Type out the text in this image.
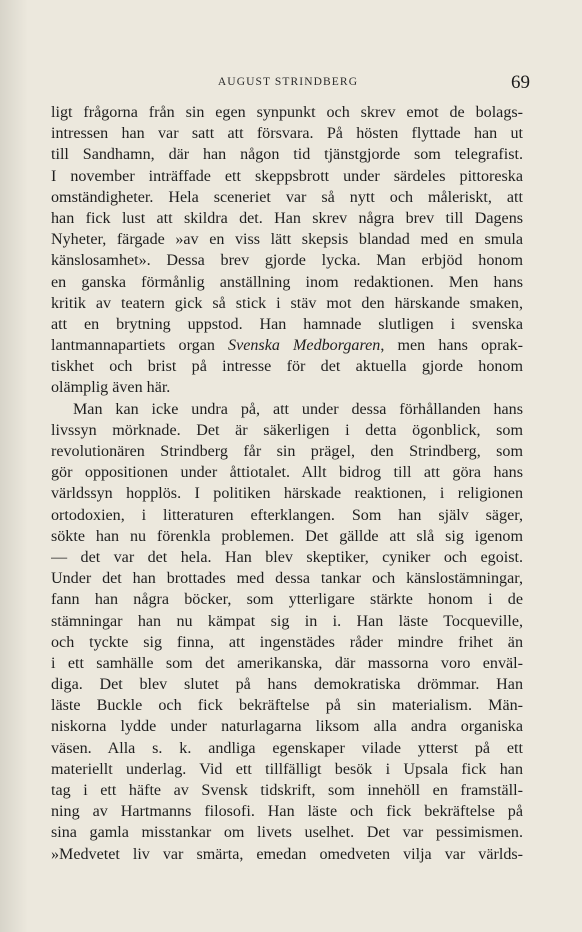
AUGUST STRINDBERG	69
ligt frågorna från sin egen synpunkt och skrev emot de bolags-
intressen han var satt att försvara. På hösten flyttade han ut
till Sandhamn, där han någon tid tjänstgjorde som telegrafist.
I november inträffade ett skeppsbrott under särdeles pittoreska
omständigheter. Hela sceneriet var så nytt och måleriskt, att
han fick lust att skildra det. Han skrev några brev till Dagens
Nyheter, färgade »av en viss lätt skepsis blandad med en smula
känslosamhet». Dessa brev gjorde lycka. Man erbjöd honom
en ganska förmånlig anställning inom redaktionen. Men hans
kritik av teatern gick så stick i stäv mot den härskande smaken,
att en brytning uppstod. Han hamnade slutligen i svenska
lantmannapartiets organ Svenska Medborgaren, men hans oprak-
tiskhet och brist på intresse för det aktuella gjorde honom
olämplig även här.
Man kan icke undra på, att under dessa förhållanden hans
livssyn mörknade. Det är säkerligen i detta ögonblick, som
revolutionären Strindberg får sin prägel, den Strindberg, som
gör oppositionen under åttiotalet. Allt bidrog till att göra hans
världssyn hopplös. I politiken härskade reaktionen, i religionen
ortodoxien, i litteraturen efterklangen. Som han själv säger,
sökte han nu förenkla problemen. Det gällde att slå sig igenom
— det var det hela. Han blev skeptiker, cyniker och egoist.
Under det han brottades med dessa tankar och känslostämningar,
fann han några böcker, som ytterligare stärkte honom i de
stämningar han nu kämpat sig in i. Han läste Tocqueville,
och tyckte sig finna, att ingenstädes råder mindre frihet än
i ett samhälle som det amerikanska, där massorna voro enväl-
diga. Det blev slutet på hans demokratiska drömmar. Han
läste Buckle och fick bekräftelse på sin materialism. Män-
niskorna lydde under naturlagarna liksom alla andra organiska
väsen. Alla s. k. andliga egenskaper vilade ytterst på ett
materiellt underlag. Vid ett tillfälligt besök i Upsala fick han
tag i ett häfte av Svensk tidskrift, som innehöll en framställ-
ning av Hartmanns filosofi. Han läste och fick bekräftelse på
sina gamla misstankar om livets uselhet. Det var pessimismen.
»Medvetet liv var smärta, emedan omedveten vilja var världs-
